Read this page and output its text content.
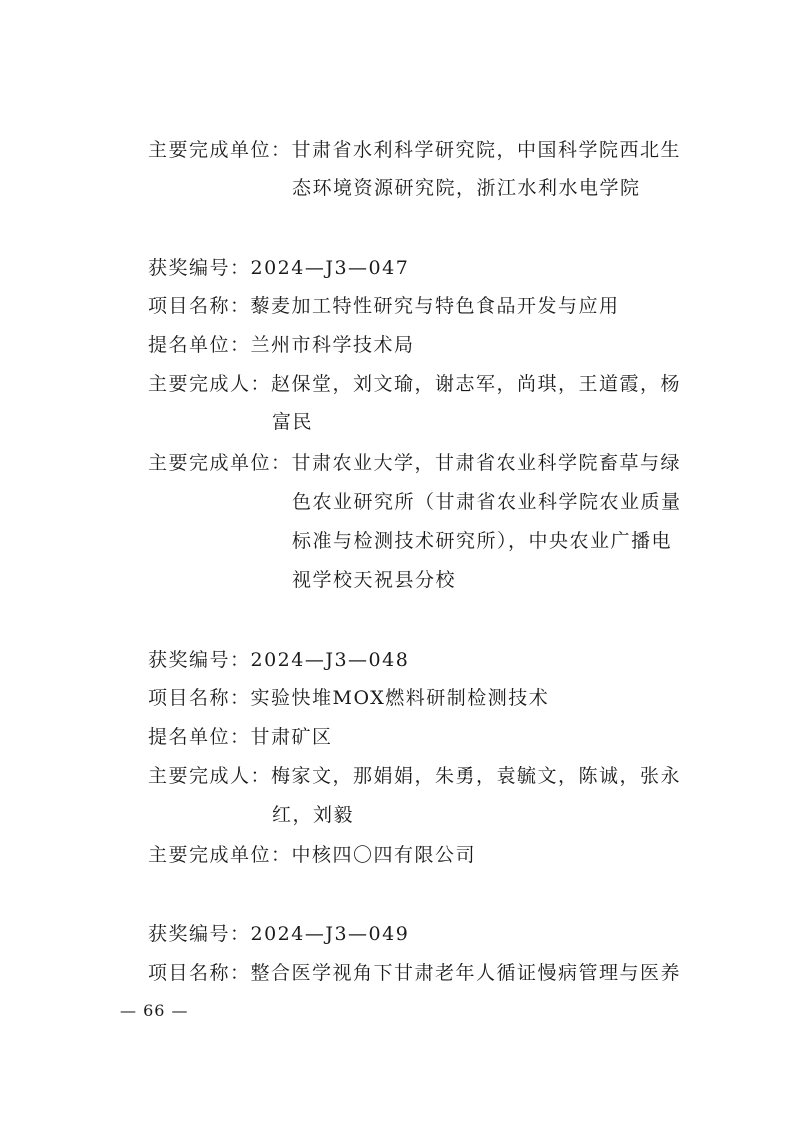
主要完成单位：甘肃省水利科学研究院，中国科学院西北生
态环境资源研究院，浙江水利水电学院
获奖编号：2024—J3—047
项目名称：藜麦加工特性研究与特色食品开发与应用
提名单位：兰州市科学技术局
主要完成人：赵保堂，刘文瑜，谢志军，尚琪，王道霞，杨
富民
主要完成单位：甘肃农业大学，甘肃省农业科学院畜草与绿
色农业研究所（甘肃省农业科学院农业质量
标准与检测技术研究所），中央农业广播电
视学校天祝县分校
获奖编号：2024—J3—048
项目名称：实验快堆MOX燃料研制检测技术
提名单位：甘肃矿区
主要完成人：梅家文，那娟娟，朱勇，袁毓文，陈诚，张永
红，刘毅
主要完成单位：中核四〇四有限公司
获奖编号：2024—J3—049
项目名称：整合医学视角下甘肃老年人循证慢病管理与医养
— 66 —
